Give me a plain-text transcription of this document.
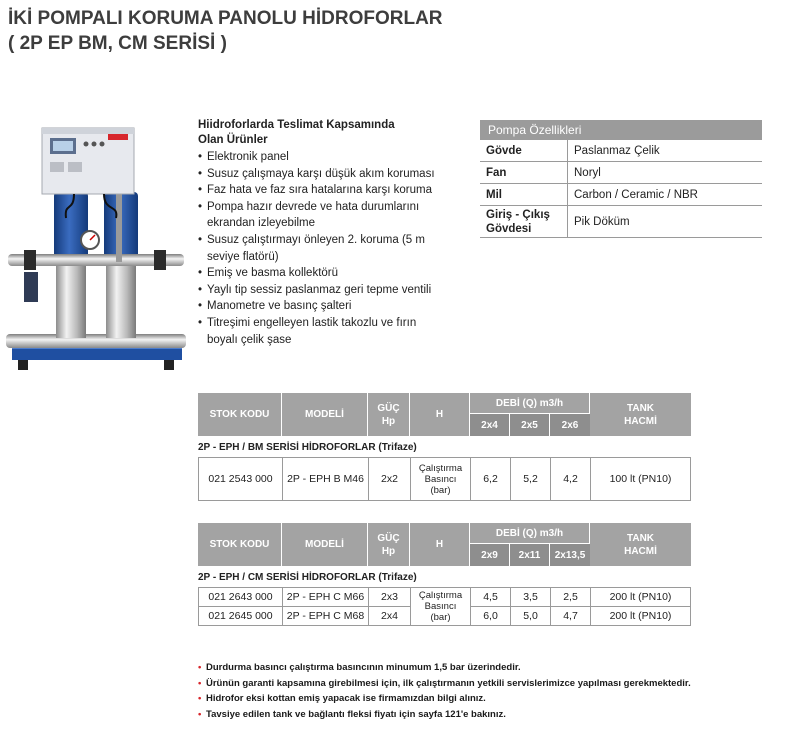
İKİ POMPALI KORUMA PANOLU HİDROFORLAR
( 2P EP BM, CM SERİSİ )
Hiidroforlarda Teslimat Kapsamında
Olan Ürünler
• Elektronik panel
• Susuz çalışmaya karşı düşük akım koruması
• Faz hata ve faz sıra hatalarına karşı koruma
• Pompa hazır devrede ve hata durumlarını ekrandan izleyebilme
• Susuz çalıştırmayı önleyen 2. koruma (5 m seviye flatörü)
• Emiş ve basma kollektörü
• Yaylı tip sessiz paslanmaz geri tepme ventili
• Manometre ve basınç şalteri
• Titreşimi engelleyen lastik takozlu ve fırın boyalı çelik şase
Pompa Özellikleri	
Gövde	Paslanmaz Çelik
Fan	Noryl
Mil	Carbon / Ceramic / NBR
Giriş - Çıkış Gövdesi	Pik Döküm
STOK KODU	MODELİ	GÜÇ
Hp	H	DEBİ (Q) m3/h			TANK
HACMİ
				2x4	2x5	2x6	
2P - EPH / BM SERİSİ HİDROFORLAR (Trifaze)							
021 2543 000	2P - EPH B M46	2x2	Çalıştırma
Basıncı
(bar)	6,2	5,2	4,2	100 lt (PN10)
STOK KODU	MODELİ	GÜÇ
Hp	H	DEBİ (Q) m3/h			TANK
HACMİ
				2x9	2x11	2x13,5	
2P - EPH / CM SERİSİ HİDROFORLAR (Trifaze)							
021 2643 000	2P - EPH C M66	2x3	Çalıştırma
Basıncı
(bar)	4,5	3,5	2,5	200 lt (PN10)
021 2645 000	2P - EPH C M68	2x4		6,0	5,0	4,7	200 lt (PN10)
• Durdurma basıncı çalıştırma basıncının minumum 1,5 bar üzerindedir.
• Ürünün garanti kapsamına girebilmesi için, ilk çalıştırmanın yetkili servislerimizce yapılması gerekmektedir.
• Hidrofor eksi kottan emiş yapacak ise firmamızdan bilgi alınız.
• Tavsiye edilen tank ve bağlantı fleksi fiyatı için sayfa 121'e bakınız.
